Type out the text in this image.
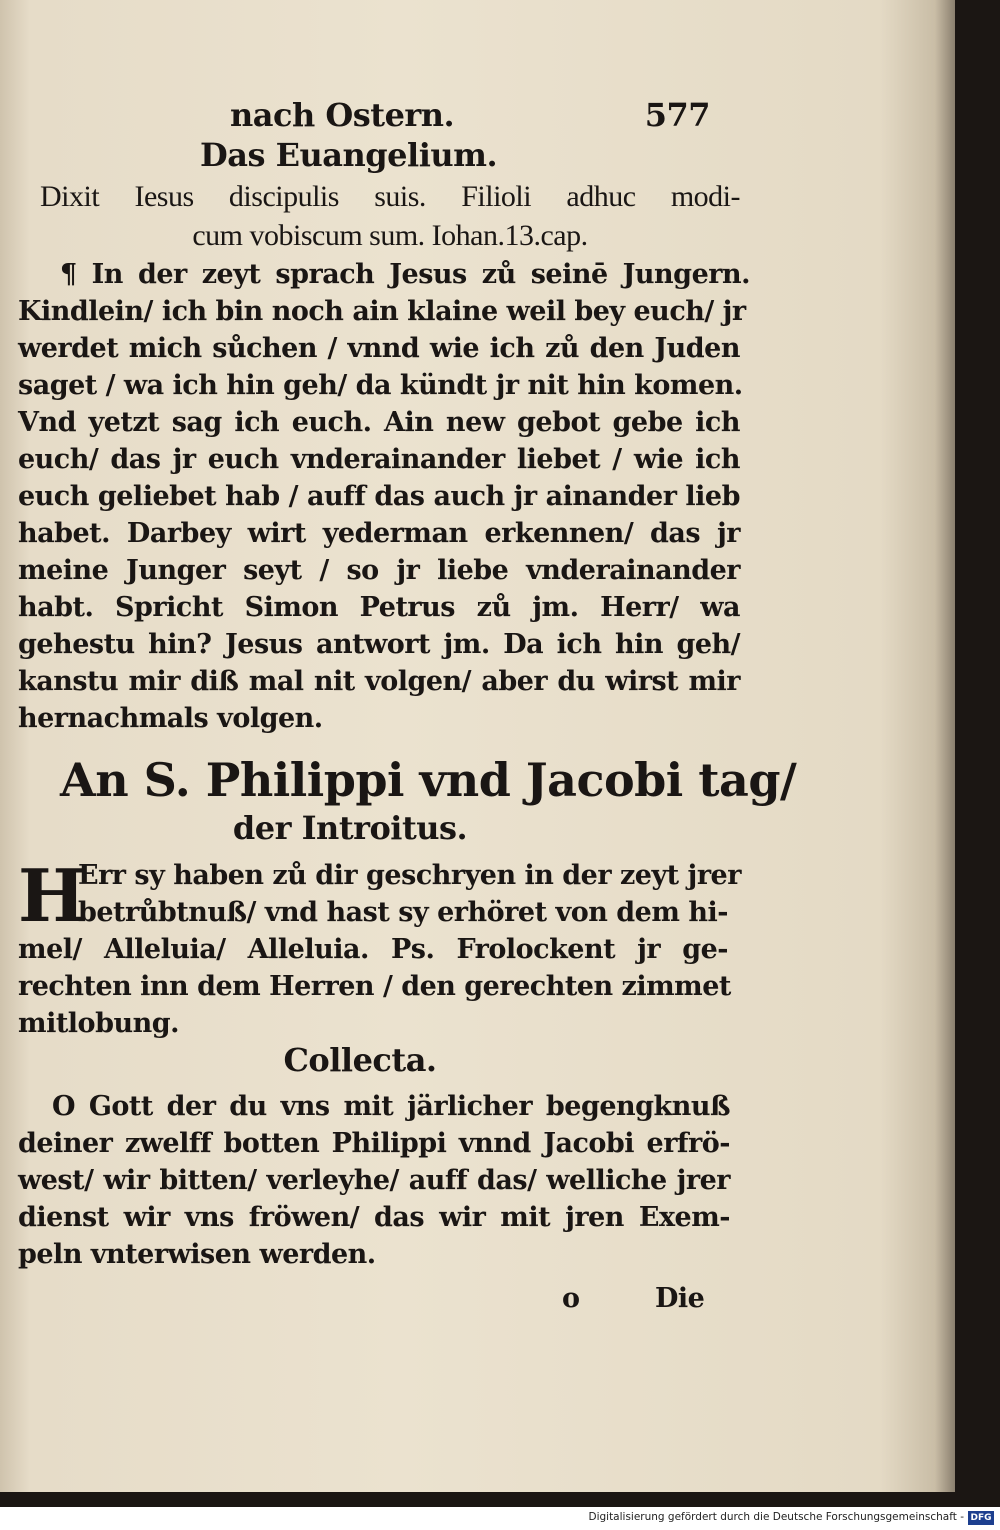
nach Ostern.	577
Das Euangelium.
Dixit Iesus discipulis suis. Filioli adhuc modi-
cum vobiscum sum. Iohan.13.cap.
¶ In der zeyt sprach Jesus zů seinē Jungern.
Kindlein/ ich bin noch ain klaine weil bey euch/ jr
werdet mich sůchen / vnnd wie ich zů den Juden
saget / wa ich hin geh/ da kündt jr nit hin komen.
Vnd yetzt sag ich euch. Ain new gebot gebe ich
euch/ das jr euch vnderainander liebet / wie ich
euch geliebet hab / auff das auch jr ainander lieb
habet. Darbey wirt yederman erkennen/ das jr
meine Junger seyt / so jr liebe vnderainander
habt. Spricht Simon Petrus zů jm. Herr/ wa
gehestu hin? Jesus antwort jm. Da ich hin geh/
kanstu mir diß mal nit volgen/ aber du wirst mir
hernachmals volgen.
An S. Philippi vnd Jacobi tag/
der Introitus.
H
Err sy haben zů dir geschryen in der zeyt jrer
betrůbtnuß/ vnd hast sy erhöret von dem hi-
mel/ Alleluia/ Alleluia. Ps. Frolockent jr ge-
rechten inn dem Herren / den gerechten zimmet
mitlobung.
Collecta.
O Gott der du vns mit järlicher begengknuß
deiner zwelff botten Philippi vnnd Jacobi erfrö-
west/ wir bitten/ verleyhe/ auff das/ welliche jrer
dienst wir vns fröwen/ das wir mit jren Exem-
peln vnterwisen werden.
o	Die
Digitalisierung gefördert durch die Deutsche Forschungsgemeinschaft - DFG
